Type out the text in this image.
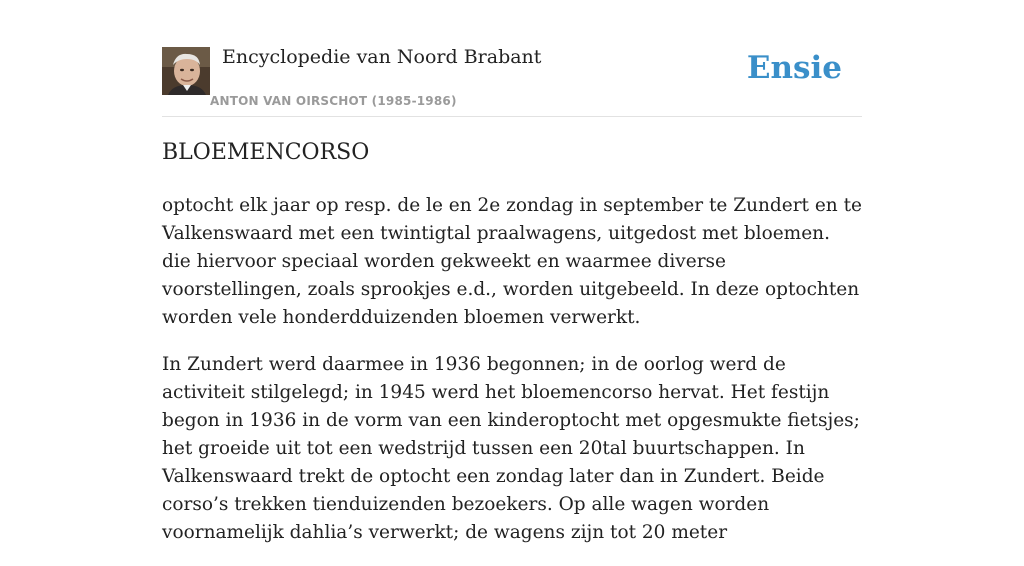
Encyclopedie van Noord Brabant
ANTON VAN OIRSCHOT (1985-1986)
Ensie
BLOEMENCORSO

optocht elk jaar op resp. de le en 2e zondag in september te Zundert en te Valkenswaard met een twintigtal praalwagens, uitgedost met bloemen. die hiervoor speciaal worden gekweekt en waarmee diverse voorstellingen, zoals sprookjes e.d., worden uitgebeeld. In deze optochten worden vele honderdduizenden bloemen verwerkt.

In Zundert werd daarmee in 1936 begonnen; in de oorlog werd de activiteit stilgelegd; in 1945 werd het bloemencorso hervat. Het festijn begon in 1936 in de vorm van een kinderoptocht met opgesmukte fietsjes; het groeide uit tot een wedstrijd tussen een 20tal buurtschappen. In Valkenswaard trekt de optocht een zondag later dan in Zundert. Beide corso’s trekken tienduizenden bezoekers. Op alle wagen worden voornamelijk dahlia’s verwerkt; de wagens zijn tot 20 meter
